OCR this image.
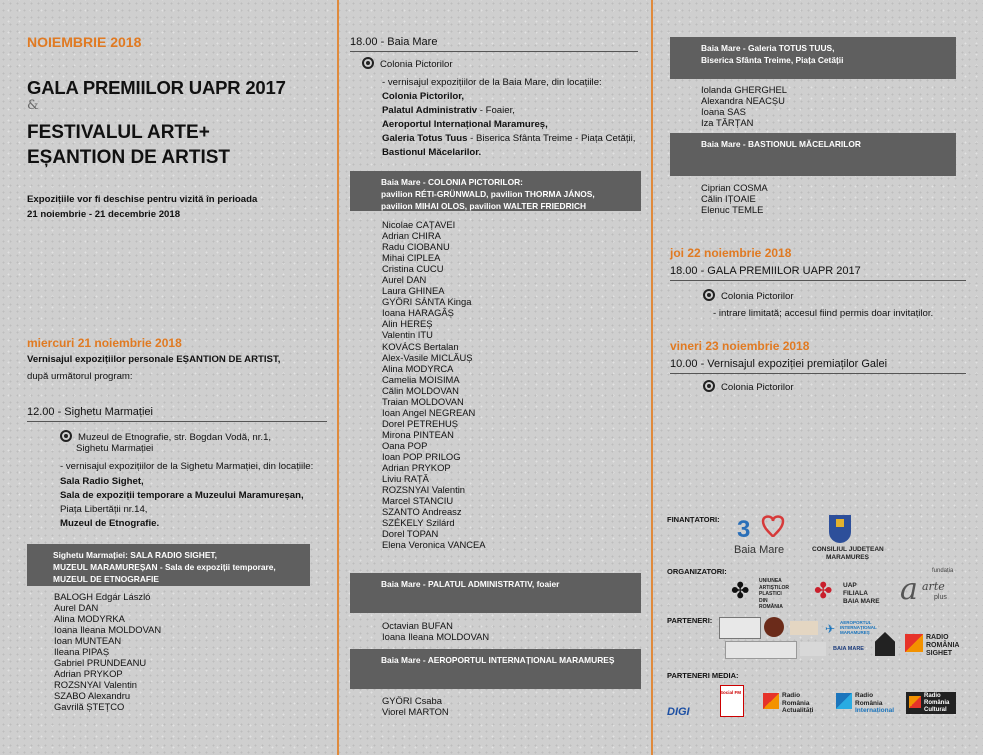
NOIEMBRIE 2018
GALA PREMIILOR UAPR 2017
&
FESTIVALUL ARTE+
EȘANTION DE ARTIST
Expozițiile vor fi deschise pentru vizită în perioada
21 noiembrie - 21 decembrie 2018
miercuri 21 noiembrie 2018
Vernisajul expozițiilor personale EȘANTION DE ARTIST,
după următorul program:
12.00 - Sighetu Marmației
Muzeul de Etnografie, str. Bogdan Vodă, nr.1,
Sighetu Marmației
- vernisajul expozițiilor de la Sighetu Marmației, din locațiile:
Sala Radio Sighet,
Sala de expoziții temporare a Muzeului Maramureșan,
Piața Libertății nr.14,
Muzeul de Etnografie.
Sighetu Marmației: SALA RADIO SIGHET,
MUZEUL MARAMUREȘAN - Sala de expoziții temporare,
MUZEUL DE ETNOGRAFIE
BALOGH Edgár László
Aurel DAN
Alina MODYRKA
Ioana Ileana MOLDOVAN
Ioan MUNTEAN
Ileana PIPAȘ
Gabriel PRUNDEANU
Adrian PRYKOP
ROZSNYAI Valentin
SZABO Alexandru
Gavrilă ȘTEȚCO
18.00 - Baia Mare
Colonia Pictorilor
- vernisajul expozițiilor de la Baia Mare, din locațiile:
Colonia Pictorilor,
Palatul Administrativ - Foaier,
Aeroportul Internațional Maramureș,
Galeria Totus Tuus - Biserica Sfânta Treime - Piața Cetății,
Bastionul Măcelarilor.
Baia Mare - COLONIA PICTORILOR:
pavilion RÉTI-GRÜNWALD, pavilion THORMA JÁNOS,
pavilion MIHAI OLOS, pavilion WALTER FRIEDRICH
Nicolae CAȚAVEI
Adrian CHIRA
Radu CIOBANU
Mihai CIPLEA
Cristina CUCU
Aurel DAN
Laura GHINEA
GYÖRI SÁNTA Kinga
Ioana HARAGÂȘ
Alin HEREȘ
Valentin ITU
KOVÁCS Bertalan
Alex-Vasile MICLĂUȘ
Alina MODYRCA
Camelia MOISIMA
Călin MOLDOVAN
Traian MOLDOVAN
Ioan Angel NEGREAN
Dorel PETREHUȘ
Mirona PINTEAN
Oana POP
Ioan POP PRILOG
Adrian PRYKOP
Liviu RAȚĂ
ROZSNYAI Valentin
Marcel STANCIU
SZANTO Andreasz
SZÉKELY Szilárd
Dorel TOPAN
Elena Veronica VANCEA
Baia Mare - PALATUL ADMINISTRATIV, foaier
Octavian BUFAN
Ioana Ileana MOLDOVAN
Baia Mare - AEROPORTUL INTERNAȚIONAL MARAMUREȘ
GYÖRI Csaba
Viorel MARTON
Baia Mare - Galeria TOTUS TUUS,
Biserica Sfânta Treime, Piața Cetății
Iolanda GHERGHEL
Alexandra NEACȘU
Ioana SAS
Iza TĂRȚAN
Baia Mare - BASTIONUL MĂCELARILOR
Ciprian COSMA
Călin IȚOAIE
Elenuc TEMLE
joi 22 noiembrie 2018
18.00 - GALA PREMIILOR UAPR 2017
Colonia Pictorilor
- intrare limitată; accesul fiind permis doar invitaților.
vineri 23 noiembrie 2018
10.00 - Vernisajul expoziției premiaților Galei
Colonia Pictorilor
FINANȚATORI: 3
Baia Mare	CONSILIUL JUDEȚEAN
MARAMUREȘ
ORGANIZATORI:
✤ UNIUNEA
ARTIȘTILOR
PLASTICI
DIN
ROMÂNIA
✤ UAP
FILIALA
BAIA MARE
fundația
a arte
plus
PARTENERI:
✈ AEROPORTUL INTERNAȚIONAL MARAMUREȘ
BAIA MARE
RADIO
ROMÂNIA
SIGHET
PARTENERI MEDIA:
DIGI
Social FM	Radio
România
Actualități
Radio
România
Internațional
Radio
România
Cultural
